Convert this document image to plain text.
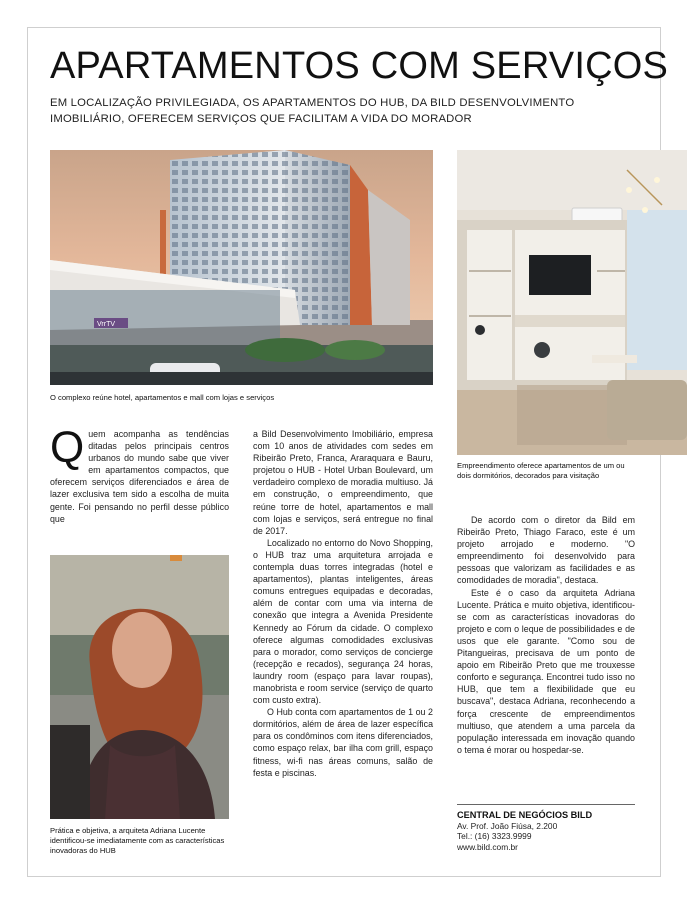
APARTAMENTOS COM SERVIÇOS
EM LOCALIZAÇÃO PRIVILEGIADA, OS APARTAMENTOS DO HUB, DA BILD DESENVOLVIMENTO IMOBILIÁRIO, OFERECEM SERVIÇOS QUE FACILITAM A VIDA DO MORADOR
VrrTV
O complexo reúne hotel, apartamentos e mall com lojas e serviços
Empreendimento oferece apartamentos de um ou dois dormitórios, decorados para visitação

Quem acompanha as tendências ditadas pelos principais centros urbanos do mundo sabe que viver em apartamentos compactos, que oferecem serviços diferenciados e área de lazer exclusiva tem sido a escolha de muita gente. Foi pensando no perfil desse público que

Prática e objetiva, a arquiteta Adriana Lucente identificou-se imediatamente com as características inovadoras do HUB

a Bild Desenvolvimento Imobiliário, empresa com 10 anos de atividades com sedes em Ribeirão Preto, Franca, Araraquara e Bauru, projetou o HUB - Hotel Urban Boulevard, um verdadeiro complexo de moradia multiuso. Já em construção, o empreendimento, que reúne torre de hotel, apartamentos e mall com lojas e serviços, será entregue no final de 2017.

Localizado no entorno do Novo Shopping, o HUB traz uma arquitetura arrojada e contempla duas torres integradas (hotel e apartamentos), plantas inteligentes, áreas comuns entregues equipadas e decoradas, além de contar com uma via interna de conexão que integra a Avenida Presidente Kennedy ao Fórum da cidade. O complexo oferece algumas comodidades exclusivas para o morador, como serviços de concierge (recepção e recados), segurança 24 horas, laundry room (espaço para lavar roupas), manobrista e room service (serviço de quarto com custo extra).

O Hub conta com apartamentos de 1 ou 2 dormitórios, além de área de lazer específica para os condôminos com itens diferenciados, como espaço relax, bar ilha com grill, espaço fitness, wi-fi nas áreas comuns, salão de festa e piscinas.

De acordo com o diretor da Bild em Ribeirão Preto, Thiago Faraco, este é um projeto arrojado e moderno. "O empreendimento foi desenvolvido para pessoas que valorizam as facilidades e as comodidades de moradia", destaca.

Este é o caso da arquiteta Adriana Lucente. Prática e muito objetiva, identificou-se com as características inovadoras do projeto e com o leque de possibilidades e de usos que ele garante. "Como sou de Pitangueiras, precisava de um ponto de apoio em Ribeirão Preto que me trouxesse conforto e segurança. Encontrei tudo isso no HUB, que tem a flexibilidade que eu buscava", destaca Adriana, reconhecendo a força crescente de empreendimentos multiuso, que atendem a uma parcela da população interessada em inovação quando o tema é morar ou hospedar-se.

CENTRAL DE NEGÓCIOS BILD
Av. Prof. João Fiúsa, 2.200
Tel.: (16) 3323.9999
www.bild.com.br
